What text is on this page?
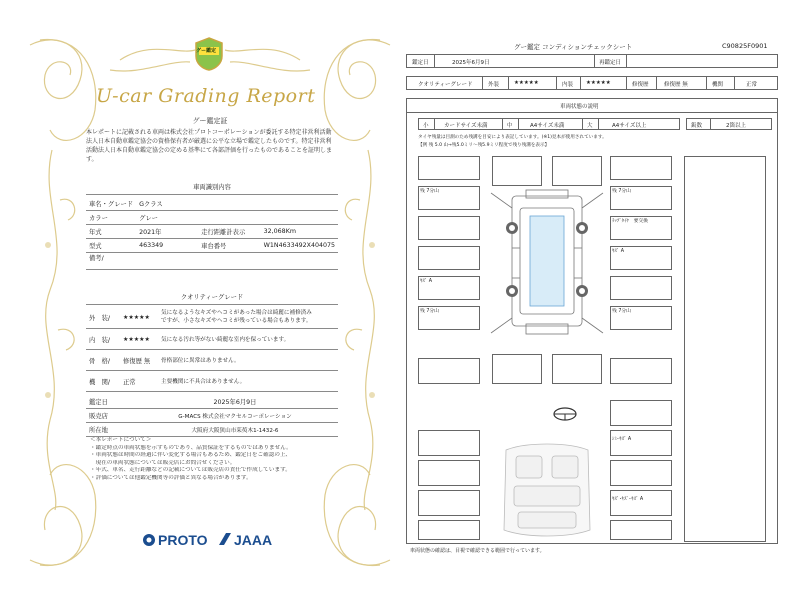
グー鑑定
U-car Grading Report
グー鑑定証
本レポートに記載される車両は株式会社プロトコーポレーションが委託する特定非営利活動法人日本自動車鑑定協会の資格保有者が厳選に公平な立場で鑑定したものです。特定非営利活動法人日本自動車鑑定協会の定める基準にて各部評価を行ったものであることを証明します。
車両識別内容
車名・グレード	Gクラス		
カラー	グレー		
年式	2021年	走行距離計表示	32,068Km
型式	463349	車台番号	W1N4633492X404075
備考/			
クオリティーグレード
外　装/	★★★★★	気になるようなキズやヘコミがあった場合は綺麗に補修済み
ですが、小さなキズやヘコミが残っている場合もあります。

内　装/	★★★★★	気になる汚れ等がない綺麗な室内を保っています。
骨　格/	修復歴 無	骨格部位に異常はありません。
機　関/	正常	主要機関に不具合はありません。
鑑定日	2025年6月9日
販売店	G-MACS 株式会社マクセルコーポレーション
所在地	大阪府大阪狭山市茱萸木1-1432-6
＜本レポートについて＞
・鑑定時点の車両状態を示すものであり、品質保証をするものではありません。
・車両状態は時間の経過に伴い変化する場合もあるため、鑑定日をご確認の上、
　現在の車両状態については販売店にお問合せください。
・年式、車名、走行距離などの記載については販売店の責任で作成しています。
・評価については他鑑定機関等の評価と異なる場合があります。
PROTO JAAA
グー鑑定 コンディションチェックシート	C90825F0901
鑑定日	2025年6月9日	再鑑定日
クオリティーグレード	外装	★★★★★	内装 ★★★★★	修復歴	修復歴 無	機関	正常
車両状態の説明
小	カードサイズ未満	中	A4サイズ未満	大	A4サイズ以上	鈑数	2箇以上
タイヤ残量は目測のため残溝を目安により表記しています。(※1)見本が使用されています。
【例 残 5.0 山→残5.0ミリ〜残5.9ミリ程度で残り残溝を表示】
残 7分山	残 7分山
ﾗｯﾌﾟﾀｲﾔ　要交換
ｷｽﾞ A
ｷｽﾞ A
残 7分山	残 7分山
ｼﾐ･ｷｽﾞ A
ｷｽﾞ･ｷｽﾞ･ｷｽﾞ A
車両状態の確認は、目視で確認できる範囲で行っています。
